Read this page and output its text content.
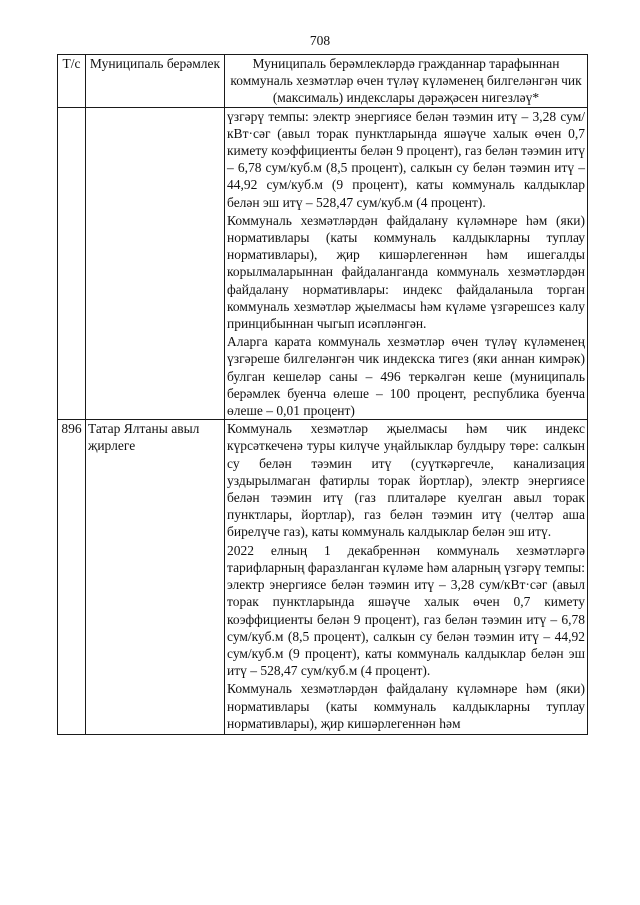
708
Т/с	Муниципаль берәмлек	Муниципаль берәмлекләрдә гражданнар тарафыннан коммуналь хезмәтләр өчен түләү күләменең билгеләнгән чик (максималь) индекслары дәрәҗәсен нигезләү*

		үзгәрү темпы: электр энергиясе белән тәэмин итү – 3,28 сум/кВт·сәг (авыл торак пунктларында яшәүче халык өчен 0,7 кимету коэффициенты белән 9 процент), газ белән тәэмин итү – 6,78 сум/куб.м (8,5 процент), салкын су белән тәэмин итү – 44,92 сум/куб.м (9 процент), каты коммуналь калдыклар белән эш итү – 528,47 сум/куб.м (4 процент).
Коммуналь хезмәтләрдән файдалану күләмнәре һәм (яки) нормативлары (каты коммуналь калдыкларны туплау нормативлары), җир кишәрлегеннән һәм ишегалды корылмаларыннан файдаланганда коммуналь хезмәтләрдән файдалану нормативлары: индекс файдаланыла торган коммуналь хезмәтләр җыелмасы һәм күләме үзгәрешсез калу принцибыннан чыгып исәпләнгән.
Аларга карата коммуналь хезмәтләр өчен түләү күләменең үзгәреше билгеләнгән чик индекска тигез (яки аннан кимрәк) булган кешеләр саны – 496 теркәлгән кеше (муниципаль берәмлек буенча өлеше – 100 процент, республика буенча өлеше – 0,01 процент)

896	Татар Ялтаны авыл җирлеге	Коммуналь хезмәтләр җыелмасы һәм чик индекс күрсәткеченә туры килүче уңайлыклар булдыру төре: салкын су белән тәэмин итү (суүткәргечле, канализация уздырылмаган фатирлы торак йортлар), электр энергиясе белән тәэмин итү (газ плиталәре куелган авыл торак пунктлары, йортлар), газ белән тәэмин итү (челтәр аша бирелүче газ), каты коммуналь калдыклар белән эш итү.
2022 елның 1 декабреннән коммуналь хезмәтләргә тарифларның фаразланган күләме һәм аларның үзгәрү темпы: электр энергиясе белән тәэмин итү – 3,28 сум/кВт·сәг (авыл торак пунктларында яшәүче халык өчен 0,7 кимету коэффициенты белән 9 процент), газ белән тәэмин итү – 6,78 сум/куб.м (8,5 процент), салкын су белән тәэмин итү – 44,92 сум/куб.м (9 процент), каты коммуналь калдыклар белән эш итү – 528,47 сум/куб.м (4 процент).
Коммуналь хезмәтләрдән файдалану күләмнәре һәм (яки) нормативлары (каты коммуналь калдыкларны туплау нормативлары), җир кишәрлегеннән һәм
